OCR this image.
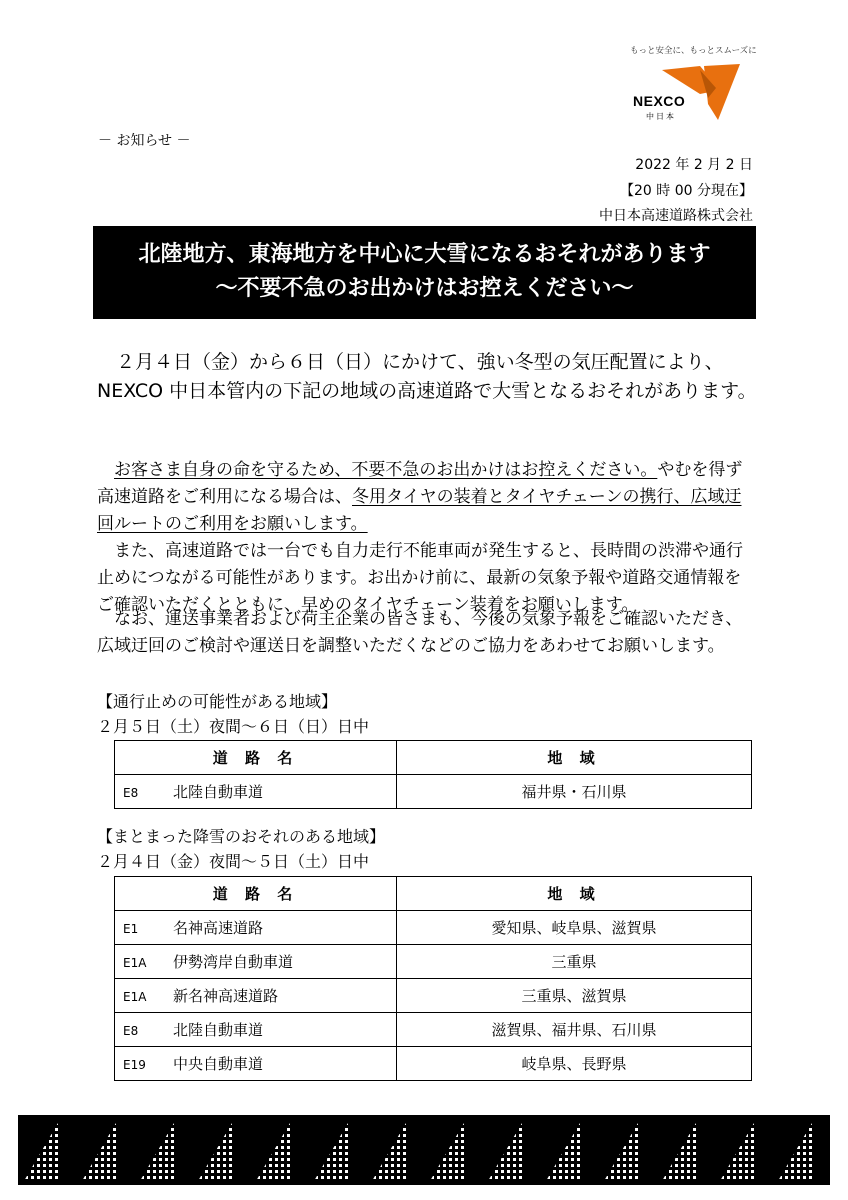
もっと安全に、もっとスムーズに
NEXCO
中日本
－ お知らせ －
2022 年 2 月 2 日
【20 時 00 分現在】
中日本高速道路株式会社
北陸地方、東海地方を中心に大雪になるおそれがあります
～不要不急のお出かけはお控えください～
２月４日（金）から６日（日）にかけて、強い冬型の気圧配置により、NEXCO 中日本管内の下記の地域の高速道路で大雪となるおそれがあります。
お客さま自身の命を守るため、不要不急のお出かけはお控えください。やむを得ず高速道路をご利用になる場合は、冬用タイヤの装着とタイヤチェーンの携行、広域迂回ルートのご利用をお願いします。
また、高速道路では一台でも自力走行不能車両が発生すると、長時間の渋滞や通行止めにつながる可能性があります。お出かけ前に、最新の気象予報や道路交通情報をご確認いただくとともに、早めのタイヤチェーン装着をお願いします。
なお、運送事業者および荷主企業の皆さまも、今後の気象予報をご確認いただき、広域迂回のご検討や運送日を調整いただくなどのご協力をあわせてお願いします。
【通行止めの可能性がある地域】
２月５日（土）夜間～６日（日）日中
道 路 名	地 域
E8 北陸自動車道	福井県・石川県
【まとまった降雪のおそれのある地域】
２月４日（金）夜間～５日（土）日中
道 路 名	地 域
E1 名神高速道路	愛知県、岐阜県、滋賀県
E1A 伊勢湾岸自動車道	三重県
E1A 新名神高速道路	三重県、滋賀県
E8 北陸自動車道	滋賀県、福井県、石川県
E19 中央自動車道	岐阜県、長野県
